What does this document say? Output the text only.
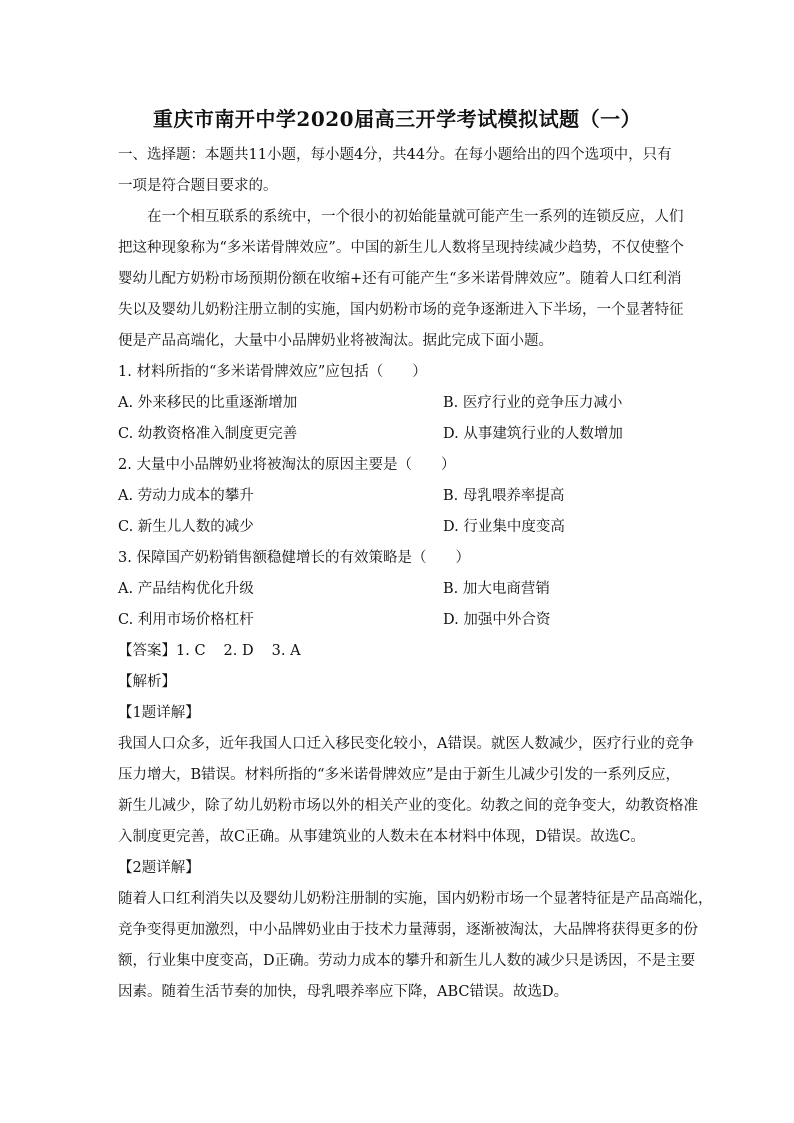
重庆市南开中学2020届高三开学考试模拟试题（一）
一、选择题：本题共11小题，每小题4分，共44分。在每小题给出的四个选项中，只有
一项是符合题目要求的。
在一个相互联系的系统中，一个很小的初始能量就可能产生一系列的连锁反应，人们
把这种现象称为“多米诺骨牌效应”。中国的新生儿人数将呈现持续减少趋势，不仅使整个
婴幼儿配方奶粉市场预期份额在收缩+还有可能产生“多米诺骨牌效应”。随着人口红利消
失以及婴幼儿奶粉注册立制的实施，国内奶粉市场的竞争逐渐进入下半场，一个显著特征
便是产品高端化，大量中小品牌奶业将被淘汰。据此完成下面小题。
1. 材料所指的“多米诺骨牌效应”应包括（　　）
A. 外来移民的比重逐渐增加	B. 医疗行业的竞争压力减小
C. 幼教资格准入制度更完善	D. 从事建筑行业的人数增加
2. 大量中小品牌奶业将被淘汰的原因主要是（　　）
A. 劳动力成本的攀升	B. 母乳喂养率提高
C. 新生儿人数的减少	D. 行业集中度变高
3. 保障国产奶粉销售额稳健增长的有效策略是（　　）
A. 产品结构优化升级	B. 加大电商营销
C. 利用市场价格杠杆	D. 加强中外合资
【答案】1. C 2. D 3. A
【解析】
【1题详解】
我国人口众多，近年我国人口迁入移民变化较小，A错误。就医人数减少，医疗行业的竞争
压力增大，B错误。材料所指的“多米诺骨牌效应”是由于新生儿减少引发的一系列反应，
新生儿减少，除了幼儿奶粉市场以外的相关产业的变化。幼教之间的竞争变大，幼教资格准
入制度更完善，故C正确。从事建筑业的人数未在本材料中体现，D错误。故选C。
【2题详解】
随着人口红利消失以及婴幼儿奶粉注册制的实施，国内奶粉市场一个显著特征是产品高端化，
竞争变得更加激烈，中小品牌奶业由于技术力量薄弱，逐渐被淘汰，大品牌将获得更多的份
额，行业集中度变高，D正确。劳动力成本的攀升和新生儿人数的减少只是诱因，不是主要
因素。随着生活节奏的加快，母乳喂养率应下降，ABC错误。故选D。
